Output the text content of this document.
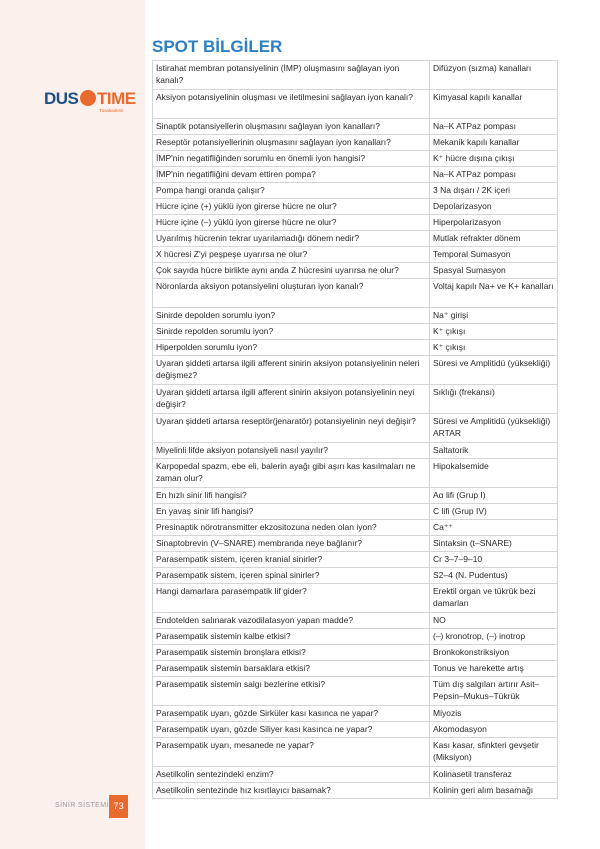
DUS TIME
Tusakademi
SPOT BİLGİLER
İstirahat membran potansiyelinin (İMP) oluşmasını sağlayan iyon kanalı?	Difüzyon (sızma) kanalları
Aksiyon potansiyelinin oluşması ve iletilmesini sağlayan iyon kanalı?	Kimyasal kapılı kanallar
Sinaptik potansiyellerin oluşmasını sağlayan iyon kanalları?	Na–K ATPaz pompası
Reseptör potansiyellerinin oluşmasını sağlayan iyon kanalları?	Mekanik kapılı kanallar
İMP'nin negatifliğinden sorumlu en önemli iyon hangisi?	K⁺ hücre dışına çıkışı
İMP'nin negatifliğini devam ettiren pompa?	Na–K ATPaz pompası
Pompa hangi oranda çalışır?	3 Na dışarı / 2K içeri
Hücre içine (+) yüklü iyon girerse hücre ne olur?	Depolarizasyon
Hücre içine (–) yüklü iyon girerse hücre ne olur?	Hiperpolarizasyon
Uyarılmış hücrenin tekrar uyarılamadığı dönem nedir?	Mutlak refrakter dönem
X hücresi Z'yi peşpeşe uyarırsa ne olur?	Temporal Sumasyon
Çok sayıda hücre birlikte aynı anda Z hücresini uyarırsa ne olur?	Spasyal Sumasyon
Nöronlarda aksiyon potansiyelini oluşturan iyon kanalı?	Voltaj kapılı Na+ ve K+ kanalları
Sinirde depolden sorumlu iyon?	Na⁺ girişi
Sinirde repolden sorumlu iyon?	K⁺ çıkışı
Hiperpolden sorumlu iyon?	K⁺ çıkışı
Uyaran şiddeti artarsa ilgili afferent sinirin aksiyon potansiyelinin neleri değişmez?	Süresi ve Amplitidü (yüksekliği)
Uyaran şiddeti artarsa ilgili afferent sinirin aksiyon potansiyelinin neyi değişir?	Sıklığı (frekansı)
Uyaran şiddeti artarsa reseptör(jenaratör) potansiyelinin neyi değişir?	Süresi ve Amplitidü (yüksekliği) ARTAR
Miyelinli lifde aksiyon potansiyeli nasıl yayılır?	Saltatorik
Karpopedal spazm, ebe eli, balerin ayağı gibi aşırı kas kasılmaları ne zaman olur?	Hipokalsemide
En hızlı sinir lifi hangisi?	Aα lifi (Grup I)
En yavaş sinir lifi hangisi?	C lifi (Grup IV)
Presinaptik nörotransmitter ekzositozuna neden olan iyon?	Ca⁺⁺
Sinaptobrevin (V–SNARE) membranda neye bağlanır?	Sintaksin (t–SNARE)
Parasempatik sistem, içeren kranial sinirler?	Cr 3–7–9–10
Parasempatik sistem, içeren spinal sinirler?	S2–4 (N. Pudentus)
Hangi damarlara parasempatik lif gider?	Erektil organ ve tükrük bezi damarları
Endotelden salınarak vazodilatasyon yapan madde?	NO
Parasempatik sistemin kalbe etkisi?	(–) kronotrop, (–) inotrop
Parasempatik sistemin bronşlara etkisi?	Bronkokonstriksiyon
Parasempatik sistemin barsaklara etkisi?	Tonus ve harekette artış
Parasempatik sistemin salgı bezlerine etkisi?	Tüm dış salgıları artırır Asit–Pepsin–Mukus–Tükrük
Parasempatik uyarı, gözde Sirküler kası kasınca ne yapar?	Miyozis
Parasempatik uyarı, gözde Siliyer kası kasınca ne yapar?	Akomodasyon
Parasempatik uyarı, mesanede ne yapar?	Kası kasar, sfinkteri gevşetir (Miksiyon)
Asetilkolin sentezindeki enzim?	Kolinasetil transferaz
Asetilkolin sentezinde hız kısıtlayıcı basamak?	Kolinin geri alım basamağı
SİNİR SİSTEMİ 73
